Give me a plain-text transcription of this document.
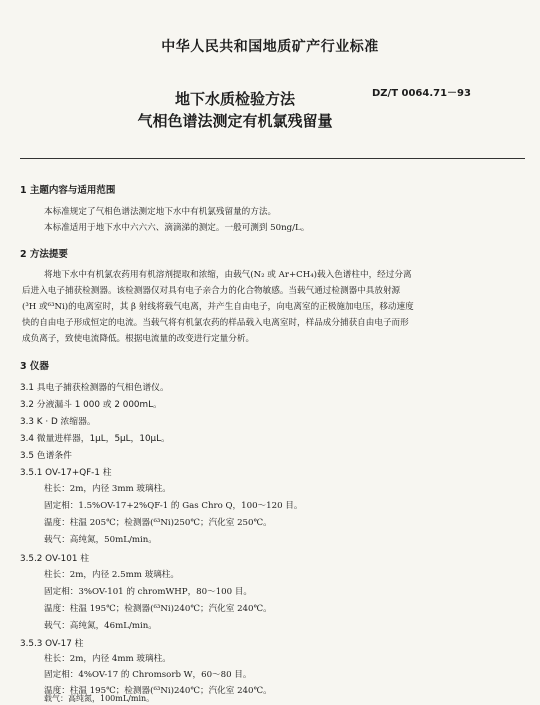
中华人民共和国地质矿产行业标准
地下水质检验方法
气相色谱法测定有机氯残留量
DZ/T 0064.71－93
1 主题内容与适用范围
本标准规定了气相色谱法测定地下水中有机氯残留量的方法。
本标准适用于地下水中六六六、滴滴涕的测定。一般可测到 50ng/L。
2 方法提要
将地下水中有机氯农药用有机溶剂提取和浓缩，由载气(N₂ 或 Ar+CH₄)载入色谱柱中，经过分离
后进入电子捕获检测器。该检测器仅对具有电子亲合力的化合物敏感。当载气通过检测器中具放射源
(³H 或⁶³Ni)的电离室时，其 β 射线将载气电离，并产生自由电子，向电离室的正极施加电压，移动速度
快的自由电子形成恒定的电流。当载气将有机氯农药的样品载入电离室时，样品成分捕获自由电子而形
成负离子，致使电流降低。根据电流量的改变进行定量分析。
3 仪器
3.1 具电子捕获检测器的气相色谱仪。
3.2 分液漏斗 1 000 或 2 000mL。
3.3 K · D 浓缩器。
3.4 微量进样器，1μL，5μL，10μL。
3.5 色谱条件
3.5.1 OV-17+QF-1 柱
柱长：2m，内径 3mm 玻璃柱。
固定相：1.5%OV-17+2%QF-1 的 Gas Chro Q，100～120 目。
温度：柱温 205℃；检测器(⁶³Ni)250℃；汽化室 250℃。
载气：高纯氮，50mL/min。
3.5.2 OV-101 柱
柱长：2m，内径 2.5mm 玻璃柱。
固定相：3%OV-101 的 chromWHP，80～100 目。
温度：柱温 195℃；检测器(⁶³Ni)240℃；汽化室 240℃。
载气：高纯氮，46mL/min。
3.5.3 OV-17 柱
柱长：2m，内径 4mm 玻璃柱。
固定相：4%OV-17 的 Chromsorb W，60～80 目。
温度：柱温 195℃；检测器(⁶³Ni)240℃；汽化室 240℃。
载气：高纯氮，100mL/min。
